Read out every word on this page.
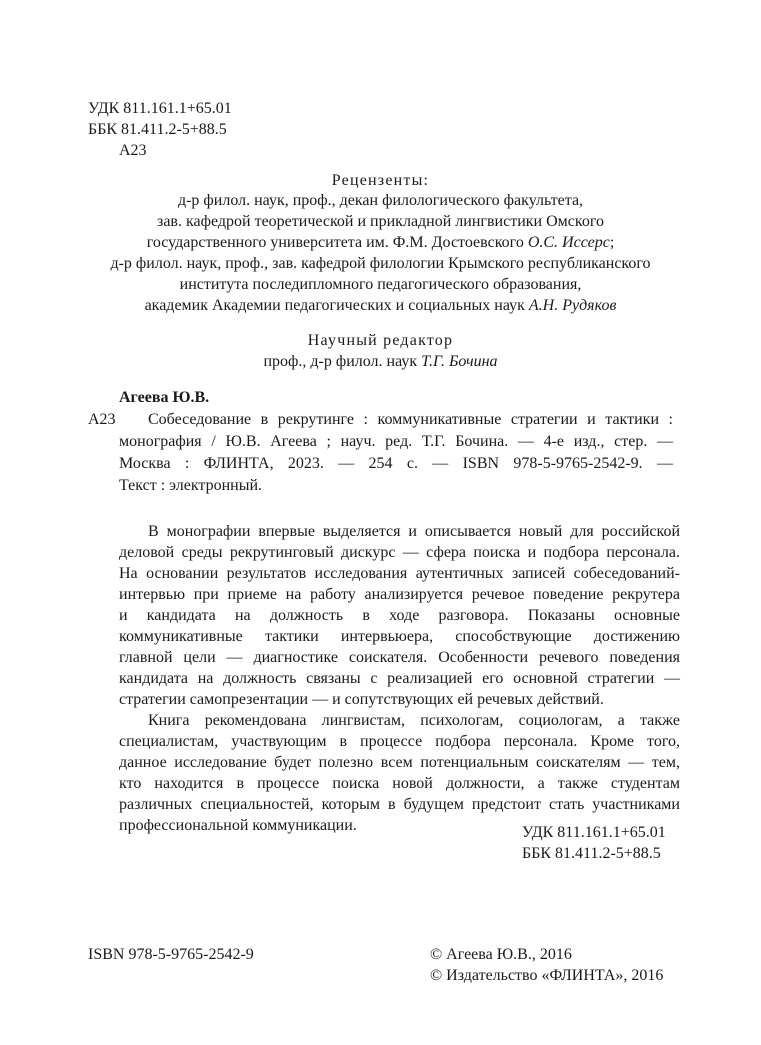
УДК 811.161.1+65.01
ББК 81.411.2-5+88.5
А23
Рецензенты:
д-р филол. наук, проф., декан филологического факультета,
зав. кафедрой теоретической и прикладной лингвистики Омского
государственного университета им. Ф.М. Достоевского О.С. Иссерс;
д-р филол. наук, проф., зав. кафедрой филологии Крымского республиканского
института последипломного педагогического образования,
академик Академии педагогических и социальных наук А.Н. Рудяков
Научный редактор
проф., д-р филол. наук Т.Г. Бочина
Агеева Ю.В.
А23 Собеседование в рекрутинге : коммуникативные стратегии и тактики :
монография / Ю.В. Агеева ; науч. ред. Т.Г. Бочина. — 4-е изд., стер. —
Москва : ФЛИНТА, 2023. — 254 с. — ISBN 978-5-9765-2542-9. —
Текст : электронный.
В монографии впервые выделяется и описывается новый для российской
деловой среды рекрутинговый дискурс — сфера поиска и подбора персонала.
На основании результатов исследования аутентичных записей собеседований-
интервью при приеме на работу анализируется речевое поведение рекрутера
и кандидата на должность в ходе разговора. Показаны основные
коммуникативные тактики интервьюера, способствующие достижению
главной цели — диагностике соискателя. Особенности речевого поведения
кандидата на должность связаны с реализацией его основной стратегии —
стратегии самопрезентации — и сопутствующих ей речевых действий.
Книга рекомендована лингвистам, психологам, социологам, а также
специалистам, участвующим в процессе подбора персонала. Кроме того,
данное исследование будет полезно всем потенциальным соискателям — тем,
кто находится в процессе поиска новой должности, а также студентам
различных специальностей, которым в будущем предстоит стать участниками
профессиональной коммуникации.	УДК 811.161.1+65.01
ББК 81.411.2-5+88.5
ISBN 978-5-9765-2542-9	© Агеева Ю.В., 2016
© Издательство «ФЛИНТА», 2016
